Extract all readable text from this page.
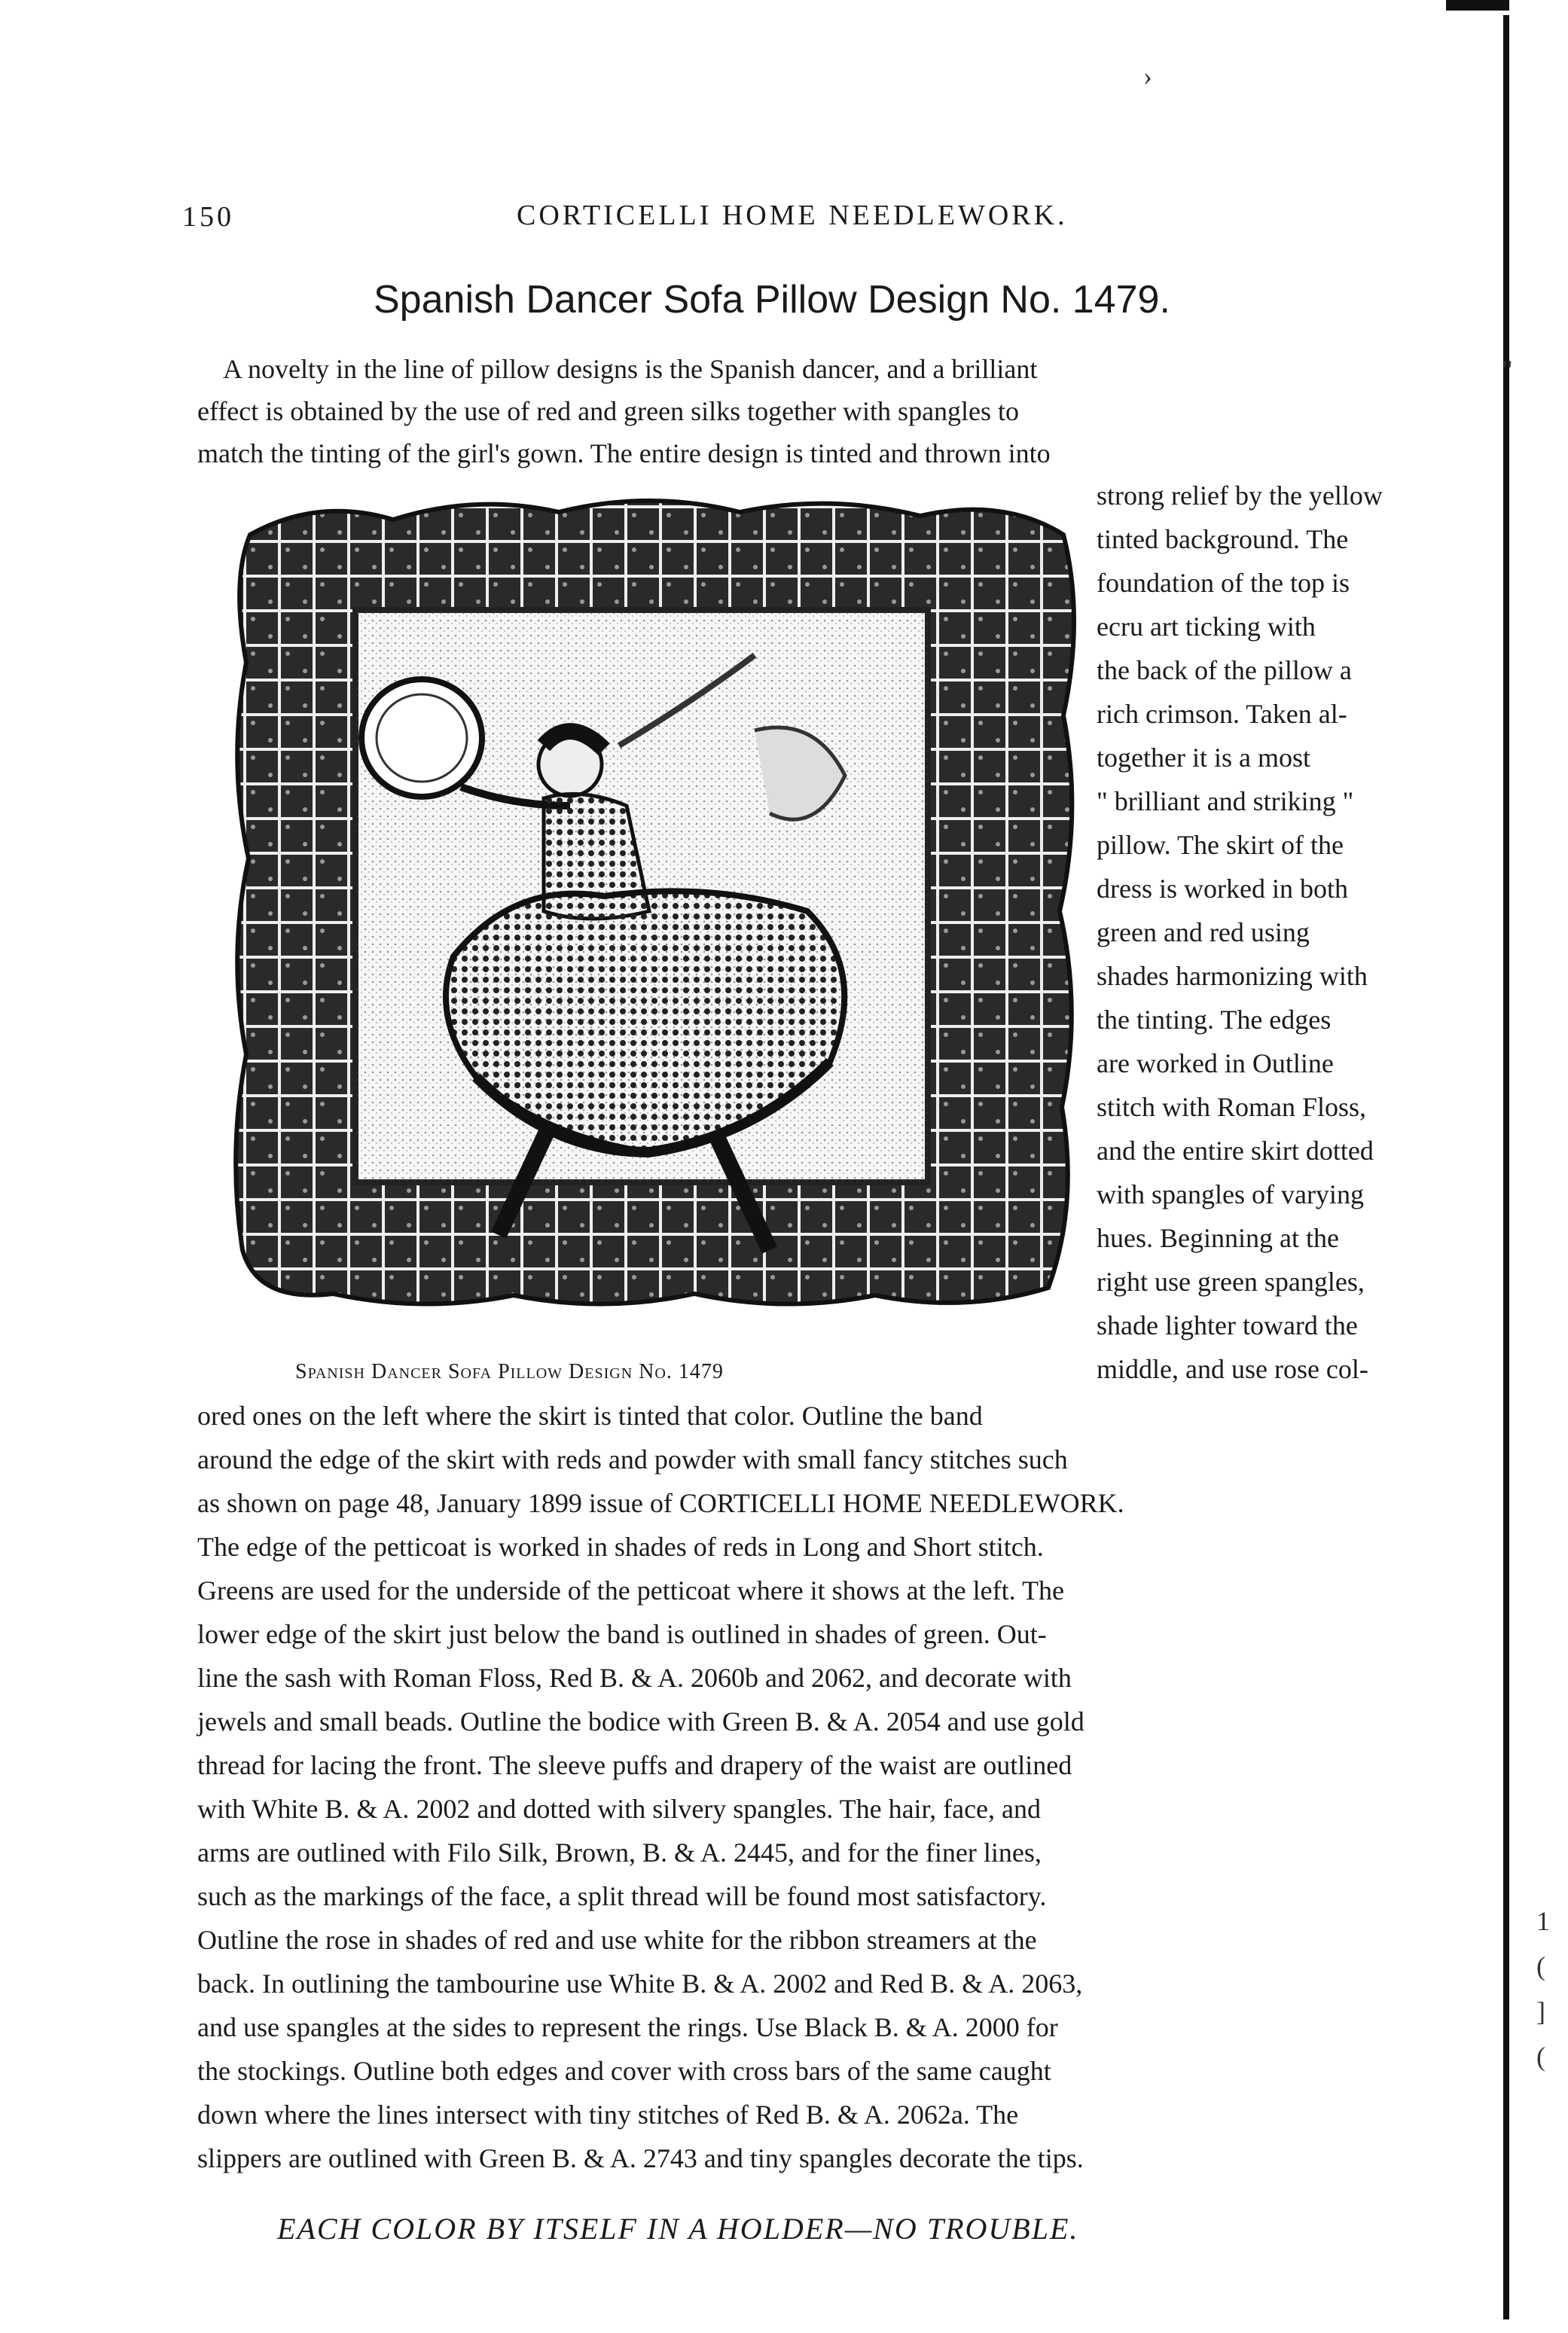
›
"
1
(
]
(
150	CORTICELLI HOME NEEDLEWORK.
Spanish Dancer Sofa Pillow Design No. 1479.
A novelty in the line of pillow designs is the Spanish dancer, and a brilliant
effect is obtained by the use of red and green silks together with spangles to
match the tinting of the girl's gown. The entire design is tinted and thrown into
strong relief by the yellow
tinted background. The
foundation of the top is
ecru art ticking with
the back of the pillow a
rich crimson. Taken al-
together it is a most
" brilliant and striking "
pillow. The skirt of the
dress is worked in both
green and red using
shades harmonizing with
the tinting. The edges
are worked in Outline
stitch with Roman Floss,
and the entire skirt dotted
with spangles of varying
hues. Beginning at the
right use green spangles,
shade lighter toward the
middle, and use rose col-
Spanish Dancer Sofa Pillow Design No. 1479
ored ones on the left where the skirt is tinted that color. Outline the band
around the edge of the skirt with reds and powder with small fancy stitches such
as shown on page 48, January 1899 issue of CORTICELLI HOME NEEDLEWORK.
The edge of the petticoat is worked in shades of reds in Long and Short stitch.
Greens are used for the underside of the petticoat where it shows at the left. The
lower edge of the skirt just below the band is outlined in shades of green. Out-
line the sash with Roman Floss, Red B. & A. 2060b and 2062, and decorate with
jewels and small beads. Outline the bodice with Green B. & A. 2054 and use gold
thread for lacing the front. The sleeve puffs and drapery of the waist are outlined
with White B. & A. 2002 and dotted with silvery spangles. The hair, face, and
arms are outlined with Filo Silk, Brown, B. & A. 2445, and for the finer lines,
such as the markings of the face, a split thread will be found most satisfactory.
Outline the rose in shades of red and use white for the ribbon streamers at the
back. In outlining the tambourine use White B. & A. 2002 and Red B. & A. 2063,
and use spangles at the sides to represent the rings. Use Black B. & A. 2000 for
the stockings. Outline both edges and cover with cross bars of the same caught
down where the lines intersect with tiny stitches of Red B. & A. 2062a. The
slippers are outlined with Green B. & A. 2743 and tiny spangles decorate the tips.
EACH COLOR BY ITSELF IN A HOLDER—NO TROUBLE.
